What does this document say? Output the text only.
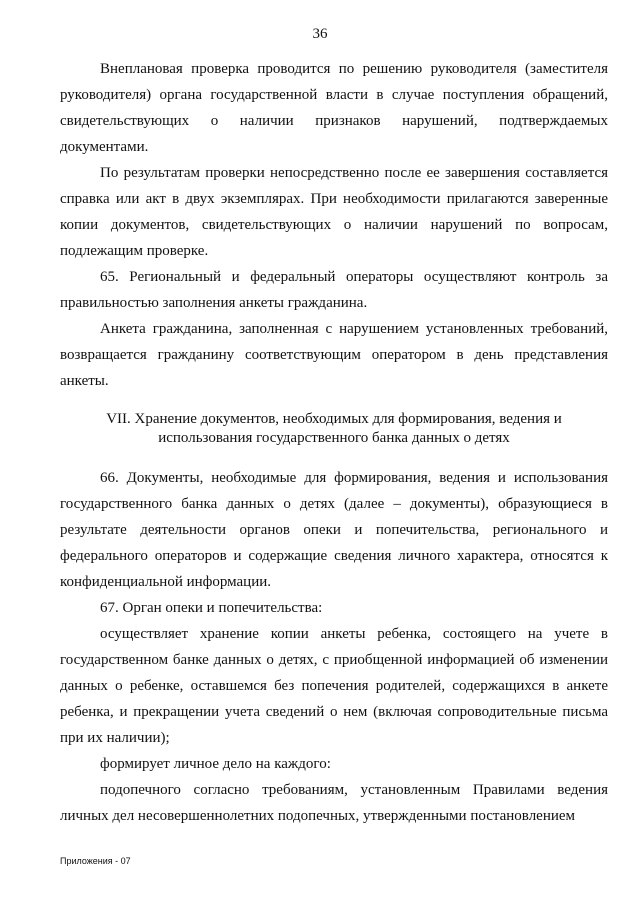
36

Внеплановая проверка проводится по решению руководителя (заместителя руководителя) органа государственной власти в случае поступления обращений, свидетельствующих о наличии признаков нарушений, подтверждаемых документами.

По результатам проверки непосредственно после ее завершения составляется справка или акт в двух экземплярах. При необходимости прилагаются заверенные копии документов, свидетельствующих о наличии нарушений по вопросам, подлежащим проверке.

65. Региональный и федеральный операторы осуществляют контроль за правильностью заполнения анкеты гражданина.

Анкета гражданина, заполненная с нарушением установленных требований, возвращается гражданину соответствующим оператором в день представления анкеты.

VII. Хранение документов, необходимых для формирования, ведения и
использования государственного банка данных о детях

66. Документы, необходимые для формирования, ведения и использования государственного банка данных о детях (далее – документы), образующиеся в результате деятельности органов опеки и попечительства, регионального и федерального операторов и содержащие сведения личного характера, относятся к конфиденциальной информации.

67. Орган опеки и попечительства:

осуществляет хранение копии анкеты ребенка, состоящего на учете в государственном банке данных о детях, с приобщенной информацией об изменении данных о ребенке, оставшемся без попечения родителей, содержащихся в анкете ребенка, и прекращении учета сведений о нем (включая сопроводительные письма при их наличии);

формирует личное дело на каждого:

подопечного согласно требованиям, установленным Правилами ведения личных дел несовершеннолетних подопечных, утвержденными постановлением

Приложения - 07
